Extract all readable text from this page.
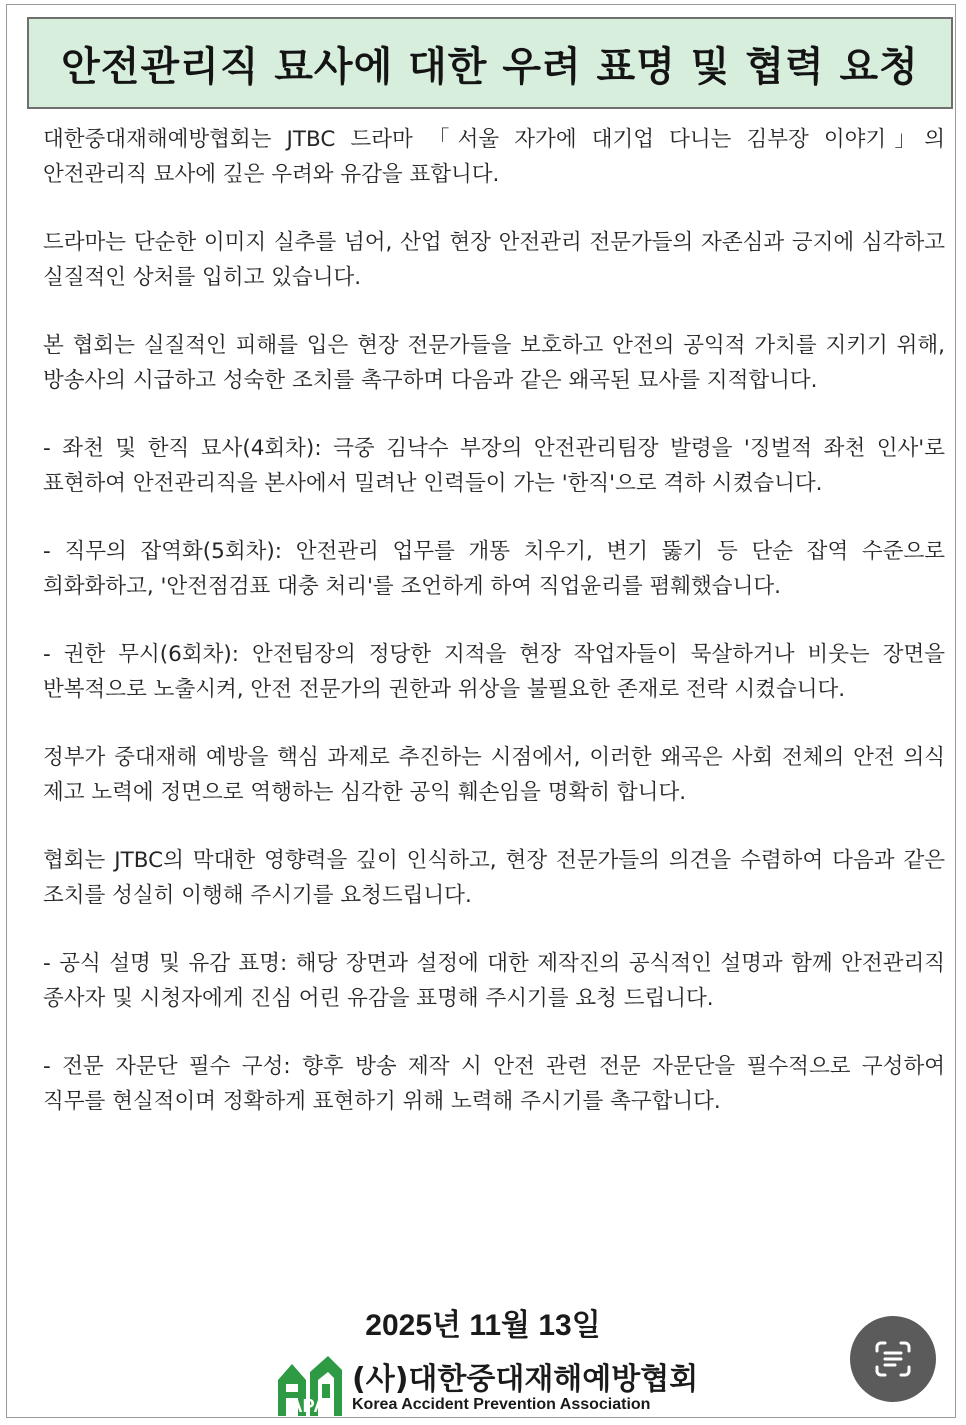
안전관리직 묘사에 대한 우려 표명 및 협력 요청

대한중대재해예방협회는 JTBC 드라마 「서울 자가에 대기업 다니는 김부장 이야기」의 안전관리직 묘사에 깊은 우려와 유감을 표합니다.

드라마는 단순한 이미지 실추를 넘어, 산업 현장 안전관리 전문가들의 자존심과 긍지에 심각하고 실질적인 상처를 입히고 있습니다.

본 협회는 실질적인 피해를 입은 현장 전문가들을 보호하고 안전의 공익적 가치를 지키기 위해, 방송사의 시급하고 성숙한 조치를 촉구하며 다음과 같은 왜곡된 묘사를 지적합니다.

- 좌천 및 한직 묘사(4회차): 극중 김낙수 부장의 안전관리팀장 발령을 '징벌적 좌천 인사'로 표현하여 안전관리직을 본사에서 밀려난 인력들이 가는 '한직'으로 격하 시켰습니다.

- 직무의 잡역화(5회차): 안전관리 업무를 개똥 치우기, 변기 뚫기 등 단순 잡역 수준으로 희화화하고, '안전점검표 대충 처리'를 조언하게 하여 직업윤리를 폄훼했습니다.

- 권한 무시(6회차): 안전팀장의 정당한 지적을 현장 작업자들이 묵살하거나 비웃는 장면을 반복적으로 노출시켜, 안전 전문가의 권한과 위상을 불필요한 존재로 전락 시켰습니다.

정부가 중대재해 예방을 핵심 과제로 추진하는 시점에서, 이러한 왜곡은 사회 전체의 안전 의식 제고 노력에 정면으로 역행하는 심각한 공익 훼손임을 명확히 합니다.

협회는 JTBC의 막대한 영향력을 깊이 인식하고, 현장 전문가들의 의견을 수렴하여 다음과 같은 조치를 성실히 이행해 주시기를 요청드립니다.

- 공식 설명 및 유감 표명: 해당 장면과 설정에 대한 제작진의 공식적인 설명과 함께 안전관리직 종사자 및 시청자에게 진심 어린 유감을 표명해 주시기를 요청 드립니다.

- 전문 자문단 필수 구성: 향후 방송 제작 시 안전 관련 전문 자문단을 필수적으로 구성하여 직무를 현실적이며 정확하게 표현하기 위해 노력해 주시기를 촉구합니다.

2025년 11월 13일
APA
(사)대한중대재해예방협회
Korea Accident Prevention Association
